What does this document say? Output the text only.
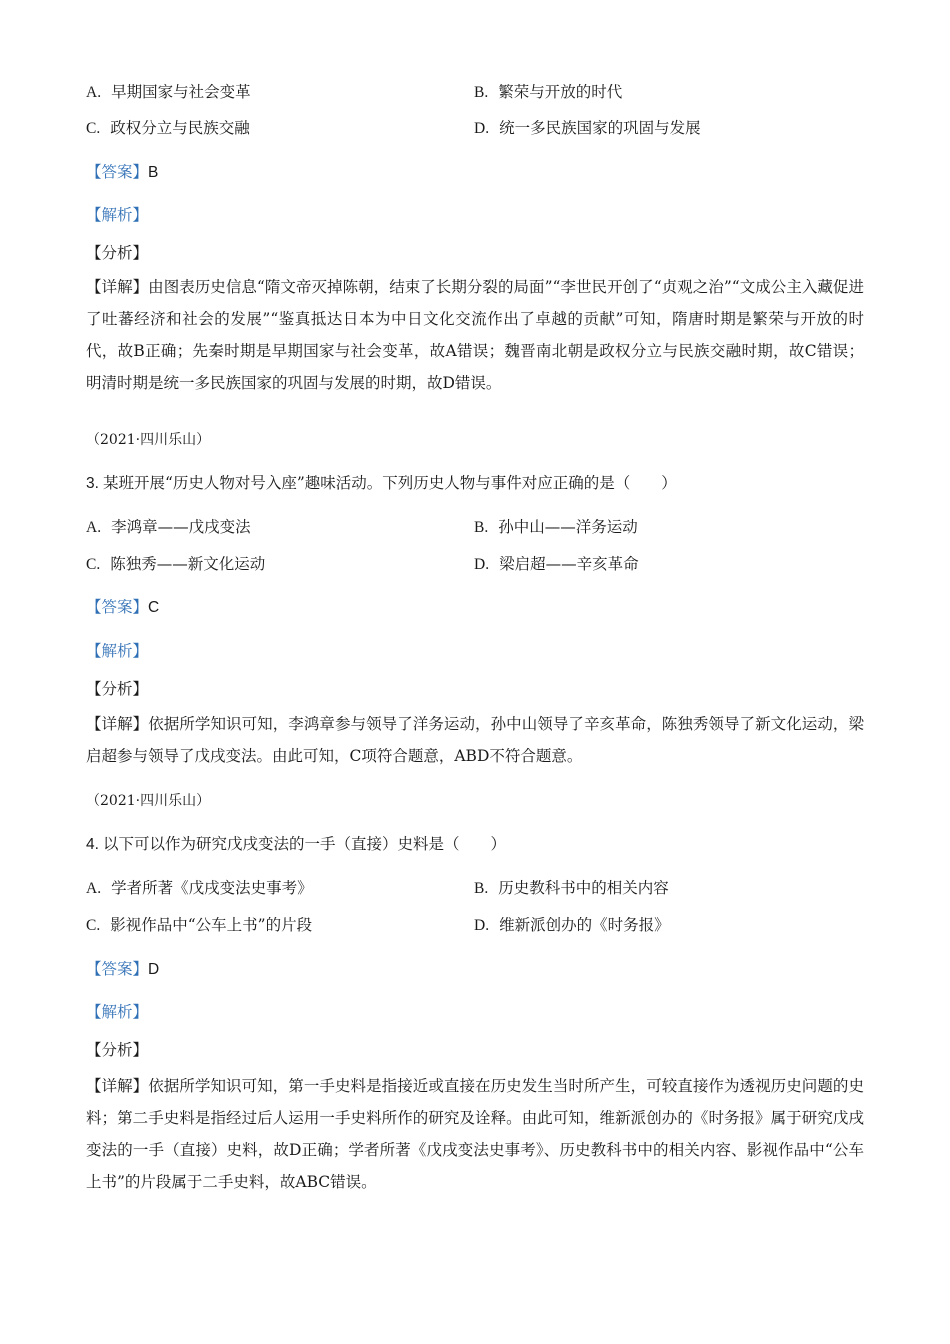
A. 早期国家与社会变革	B. 繁荣与开放的时代
C. 政权分立与民族交融	D. 统一多民族国家的巩固与发展
【答案】B
【解析】
【分析】
【详解】由图表历史信息“隋文帝灭掉陈朝，结束了长期分裂的局面”“李世民开创了“贞观之治”“文成公主入藏促进了吐蕃经济和社会的发展”“鉴真抵达日本为中日文化交流作出了卓越的贡献”可知，隋唐时期是繁荣与开放的时代，故B正确；先秦时期是早期国家与社会变革，故A错误；魏晋南北朝是政权分立与民族交融时期，故C错误；明清时期是统一多民族国家的巩固与发展的时期，故D错误。
（2021·四川乐山）
3. 某班开展“历史人物对号入座”趣味活动。下列历史人物与事件对应正确的是（　　）
A. 李鸿章——戊戌变法	B. 孙中山——洋务运动
C. 陈独秀——新文化运动	D. 梁启超——辛亥革命
【答案】C
【解析】
【分析】
【详解】依据所学知识可知，李鸿章参与领导了洋务运动，孙中山领导了辛亥革命，陈独秀领导了新文化运动，梁启超参与领导了戊戌变法。由此可知，C项符合题意，ABD不符合题意。
（2021·四川乐山）
4. 以下可以作为研究戊戌变法的一手（直接）史料是（　　）
A. 学者所著《戊戌变法史事考》	B. 历史教科书中的相关内容
C. 影视作品中“公车上书”的片段	D. 维新派创办的《时务报》
【答案】D
【解析】
【分析】
【详解】依据所学知识可知，第一手史料是指接近或直接在历史发生当时所产生，可较直接作为透视历史问题的史料；第二手史料是指经过后人运用一手史料所作的研究及诠释。由此可知，维新派创办的《时务报》属于研究戊戌变法的一手（直接）史料，故D正确；学者所著《戊戌变法史事考》、历史教科书中的相关内容、影视作品中“公车上书”的片段属于二手史料，故ABC错误。
